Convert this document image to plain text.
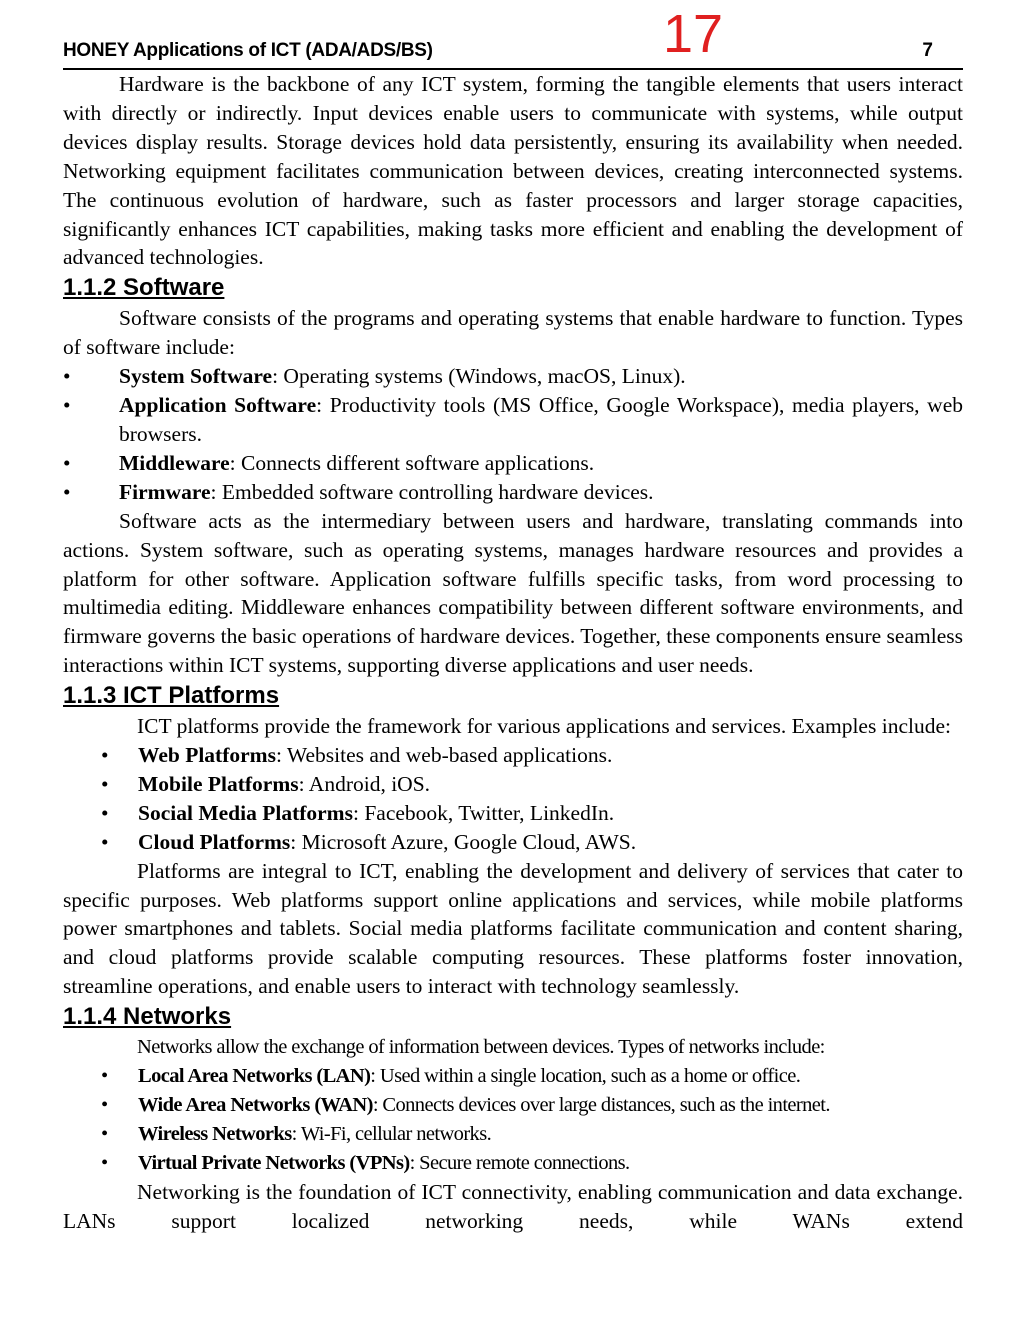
HONEY Applications of ICT (ADA/ADS/BS)	17	7

Hardware is the backbone of any ICT system, forming the tangible elements that users interact with directly or indirectly. Input devices enable users to communicate with systems, while output devices display results. Storage devices hold data persistently, ensuring its availability when needed. Networking equipment facilitates communication between devices, creating interconnected systems. The continuous evolution of hardware, such as faster processors and larger storage capacities, significantly enhances ICT capabilities, making tasks more efficient and enabling the development of advanced technologies.

1.1.2 Software

Software consists of the programs and operating systems that enable hardware to function. Types of software include:

• System Software: Operating systems (Windows, macOS, Linux).
• Application Software: Productivity tools (MS Office, Google Workspace), media players, web browsers.
• Middleware: Connects different software applications.
• Firmware: Embedded software controlling hardware devices.

Software acts as the intermediary between users and hardware, translating commands into actions. System software, such as operating systems, manages hardware resources and provides a platform for other software. Application software fulfills specific tasks, from word processing to multimedia editing. Middleware enhances compatibility between different software environments, and firmware governs the basic operations of hardware devices. Together, these components ensure seamless interactions within ICT systems, supporting diverse applications and user needs.

1.1.3 ICT Platforms

ICT platforms provide the framework for various applications and services. Examples include:

• Web Platforms: Websites and web-based applications.
• Mobile Platforms: Android, iOS.
• Social Media Platforms: Facebook, Twitter, LinkedIn.
• Cloud Platforms: Microsoft Azure, Google Cloud, AWS.

Platforms are integral to ICT, enabling the development and delivery of services that cater to specific purposes. Web platforms support online applications and services, while mobile platforms power smartphones and tablets. Social media platforms facilitate communication and content sharing, and cloud platforms provide scalable computing resources. These platforms foster innovation, streamline operations, and enable users to interact with technology seamlessly.

1.1.4 Networks

Networks allow the exchange of information between devices. Types of networks include:

• Local Area Networks (LAN): Used within a single location, such as a home or office.
• Wide Area Networks (WAN): Connects devices over large distances, such as the internet.
• Wireless Networks: Wi-Fi, cellular networks.
• Virtual Private Networks (VPNs): Secure remote connections.

Networking is the foundation of ICT connectivity, enabling communication and data exchange. LANs support localized networking needs, while WANs extend
